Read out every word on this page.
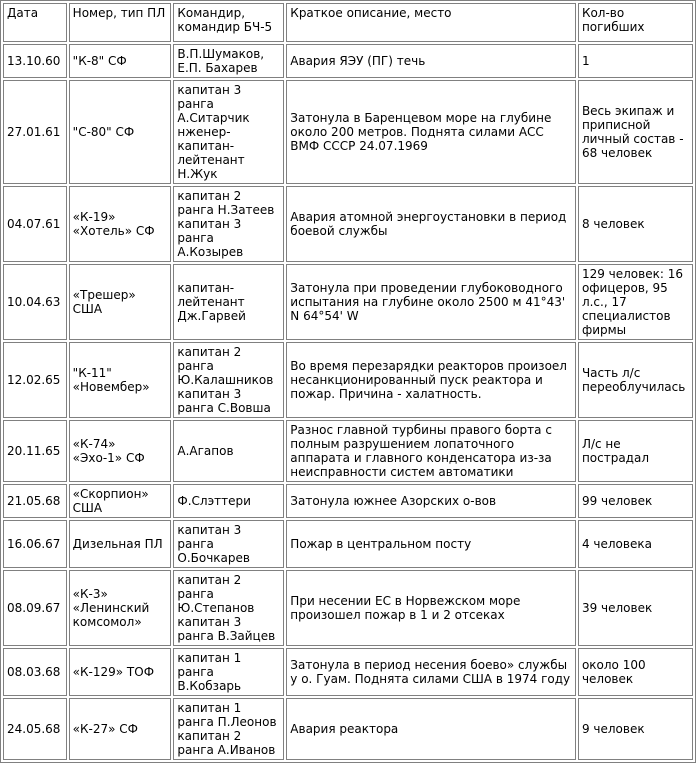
Дата	Номер, тип ПЛ	Командир, командир БЧ-5	Краткое описание, место	Кол-во погибших
13.10.60	"К-8" СФ	В.П.Шумаков, Е.П. Бахарев	Авария ЯЭУ (ПГ) течь	1
27.01.61	"С-80" СФ	капитан 3 ранга А.Ситарчик нженер-капитан-лейтенант Н.Жук	Затонула в Баренцевом море на глубине около 200 метров. Поднята силами АСС ВМФ СССР 24.07.1969	Весь экипаж и приписной личный состав - 68 человек
04.07.61	«К-19» «Хотель» СФ	капитан 2 ранга Н.Затеев капитан 3 ранга А.Козырев	Авария атомной энергоустановки в период боевой службы	8 человек
10.04.63	«Трешер» США	капитан-лейтенант Дж.Гарвей	Затонула при проведении глубоководного испытания на глубине около 2500 м 41°43' N 64°54' W	129 человек: 16 офицеров, 95 л.с., 17 специалистов фирмы
12.02.65	"К-11" «Новембер»	капитан 2 ранга Ю.Калашников капитан 3 ранга С.Вовша	Во время перезарядки реакторов произоел несанкционированный пуск реактора и пожар. Причина - халатность.	Часть л/с переоблучилась
20.11.65	«К-74» «Эхо-1» СФ	А.Агапов	Разнос главной турбины правого борта с полным разрушением лопаточного аппарата и главного конденсатора из-за неисправности систем автоматики	Л/с не пострадал
21.05.68	«Скорпион» США	Ф.Слэттери	Затонула южнее Азорских о-вов	99 человек
16.06.67	Дизельная ПЛ	капитан 3 ранга О.Бочкарев	Пожар в центральном посту	4 человека
08.09.67	«К-3» «Ленинский комсомол»	капитан 2 ранга Ю.Степанов капитан 3 ранга В.Зайцев	При несении ЕС в Норвежском море произошел пожар в 1 и 2 отсеках	39 человек
08.03.68	«К-129» ТОФ	капитан 1 ранга В.Кобзарь	Затонула в период несения боево» службы у о. Гуам. Поднята силами США в 1974 году	около 100 человек
24.05.68	«К-27» СФ	капитан 1 ранга П.Леонов капитан 2 ранга А.Иванов	Авария реактора	9 человек
